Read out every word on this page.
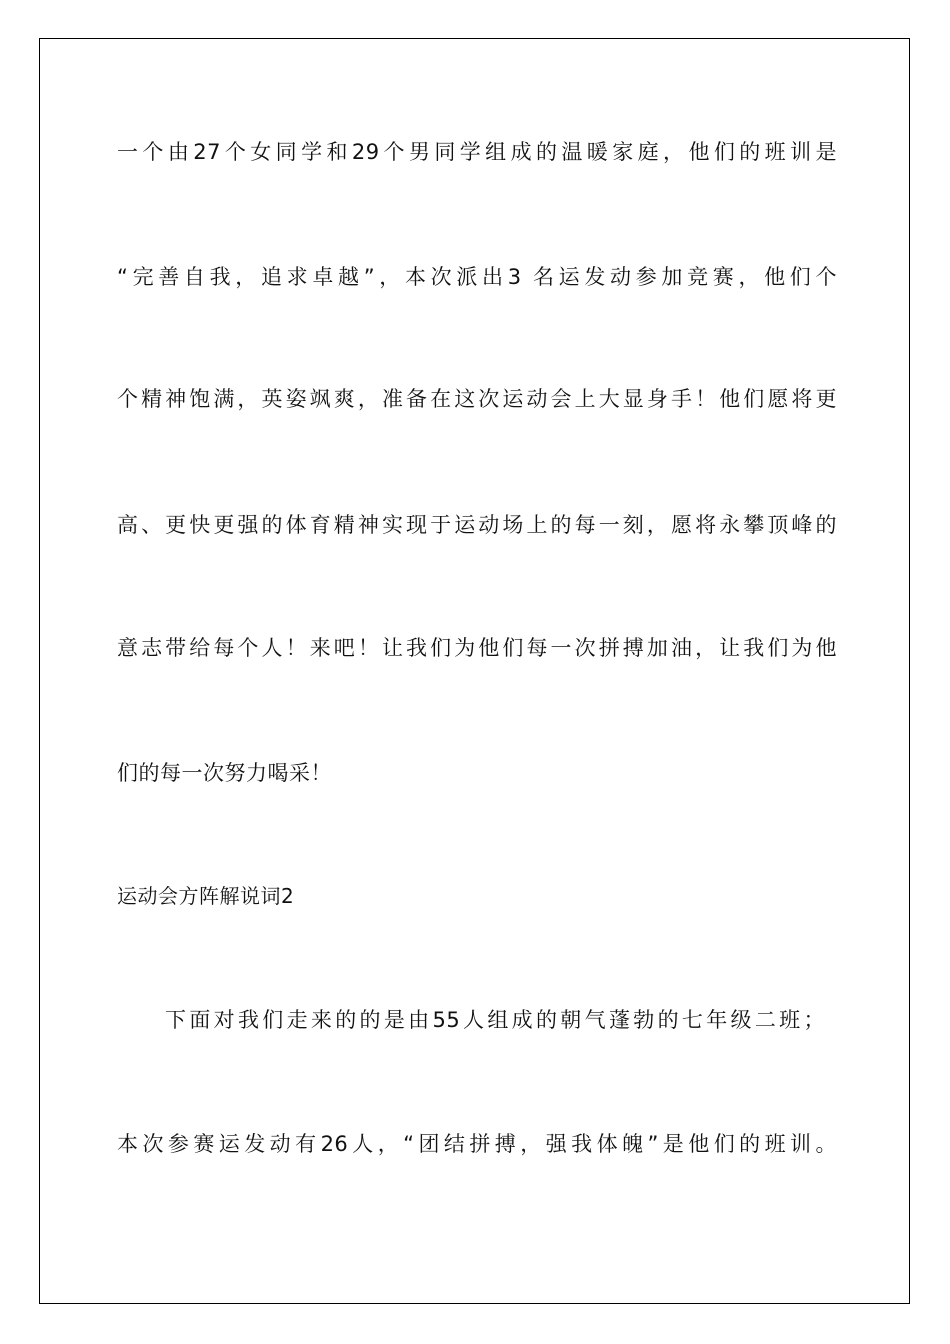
一个由27个女同学和29个男同学组成的温暖家庭，他们的班训是
“完善自我，追求卓越”，本次派出3 名运发动参加竞赛，他们个
个精神饱满，英姿飒爽，准备在这次运动会上大显身手！他们愿将更
高、更快更强的体育精神实现于运动场上的每一刻，愿将永攀顶峰的
意志带给每个人！来吧！让我们为他们每一次拼搏加油，让我们为他
们的每一次努力喝采！
运动会方阵解说词2
下面对我们走来的的是由55人组成的朝气蓬勃的七年级二班；
本次参赛运发动有26人，“团结拼搏，强我体魄”是他们的班训。
